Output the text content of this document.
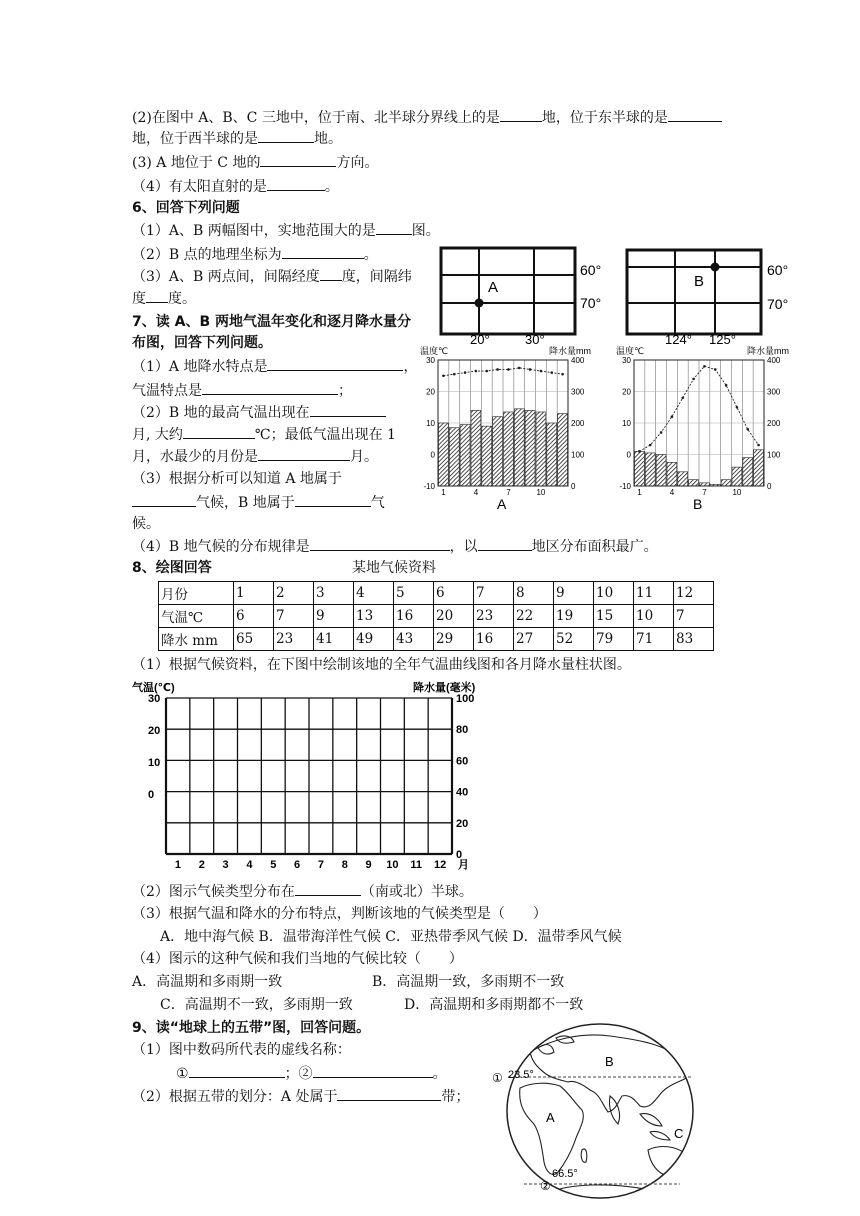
(2)在图中 A、B、C 三地中，位于南、北半球分界线上的是	地，位于东半球的是
地，位于西半球的是	地。
(3) A 地位于 C 地的	方向。
（4）有太阳直射的是	。
6、回答下列问题
（1）A、B 两幅图中，实地范围大的是	图。
（2）B 点的地理坐标为	。
（3）A、B 两点间，间隔经度 度，间隔纬
度 度。
A
60°
70°
20°	30°
B
60°
70°
124° 125°
7、读 A、B 两地气温年变化和逐月降水量分
布图，回答下列问题。
（1）A 地降水特点是	，
气温特点是	；
（2）B 地的最高气温出现在
月, 大约	℃；最低气温出现在 1
月，水最少的月份是	月。
（3）根据分析可以知道 A 地属于
气候，B 地属于	气
候。
（4）B 地气候的分布规律是	，以	地区分布面积最广。
温度℃	降水量mm
30
20
10
0
-10
400
300
200
100
0
1	4	7	10
A
温度℃	降水量mm
30
20
10
0
-10
400
300
200
100
0
1	4	7	10
B
8、绘图回答	某地气候资料
月份	1	2	3	4	5	6	7	8	9	10	11	12
气温℃	6	7	9	13	16	20	23	22	19	15	10	7
降水 mm	65	23	41	49	43	29	16	27	52	79	71	83
（1）根据气候资料，在下图中绘制该地的全年气温曲线图和各月降水量柱状图。
气温(℃)	降水量(毫米)
30
20
10
0
100
80
60
40
20
0
1 2 3 4 5 6 7 8 9 10 11 12 月
（2）图示气候类型分布在	（南或北）半球。
（3）根据气温和降水的分布特点，判断该地的气候类型是（　　）
A．地中海气候 B．温带海洋性气候 C．亚热带季风气候 D．温带季风气候
（4）图示的这种气候和我们当地的气候比较（　　）
A．高温期和多雨期一致	B．高温期一致，多雨期不一致
C．高温期不一致，多雨期一致	D．高温期和多雨期都不一致
9、读“地球上的五带”图，回答问题。
（1）图中数码所代表的虚线名称：
①	；②	。
（2）根据五带的划分：A 处属于	带；
① 23.5°
B
A
C
66.5°
②
